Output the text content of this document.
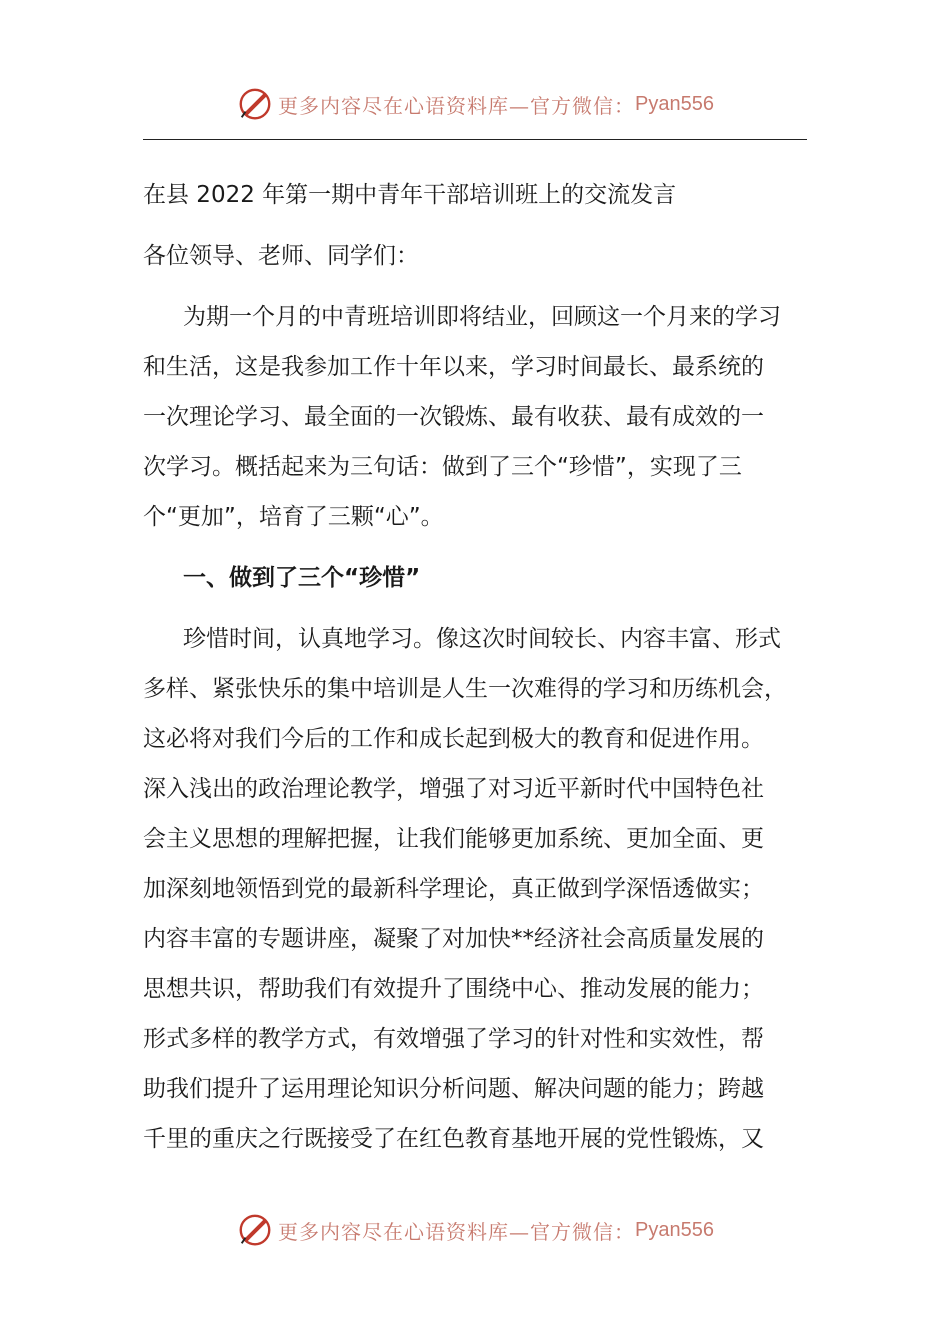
更多内容尽在心语资料库—官方微信： Pyan556
在县 2022 年第一期中青年干部培训班上的交流发言
各位领导、老师、同学们：
为期一个月的中青班培训即将结业，回顾这一个月来的学习
和生活，这是我参加工作十年以来，学习时间最长、最系统的
一次理论学习、最全面的一次锻炼、最有收获、最有成效的一
次学习。概括起来为三句话：做到了三个“珍惜”，实现了三
个“更加”，培育了三颗“心”。
一、做到了三个“珍惜”
珍惜时间，认真地学习。像这次时间较长、内容丰富、形式
多样、紧张快乐的集中培训是人生一次难得的学习和历练机会，
这必将对我们今后的工作和成长起到极大的教育和促进作用。
深入浅出的政治理论教学，增强了对习近平新时代中国特色社
会主义思想的理解把握，让我们能够更加系统、更加全面、更
加深刻地领悟到党的最新科学理论，真正做到学深悟透做实；
内容丰富的专题讲座，凝聚了对加快**经济社会高质量发展的
思想共识，帮助我们有效提升了围绕中心、推动发展的能力；
形式多样的教学方式，有效增强了学习的针对性和实效性，帮
助我们提升了运用理论知识分析问题、解决问题的能力；跨越
千里的重庆之行既接受了在红色教育基地开展的党性锻炼，又
更多内容尽在心语资料库—官方微信： Pyan556
